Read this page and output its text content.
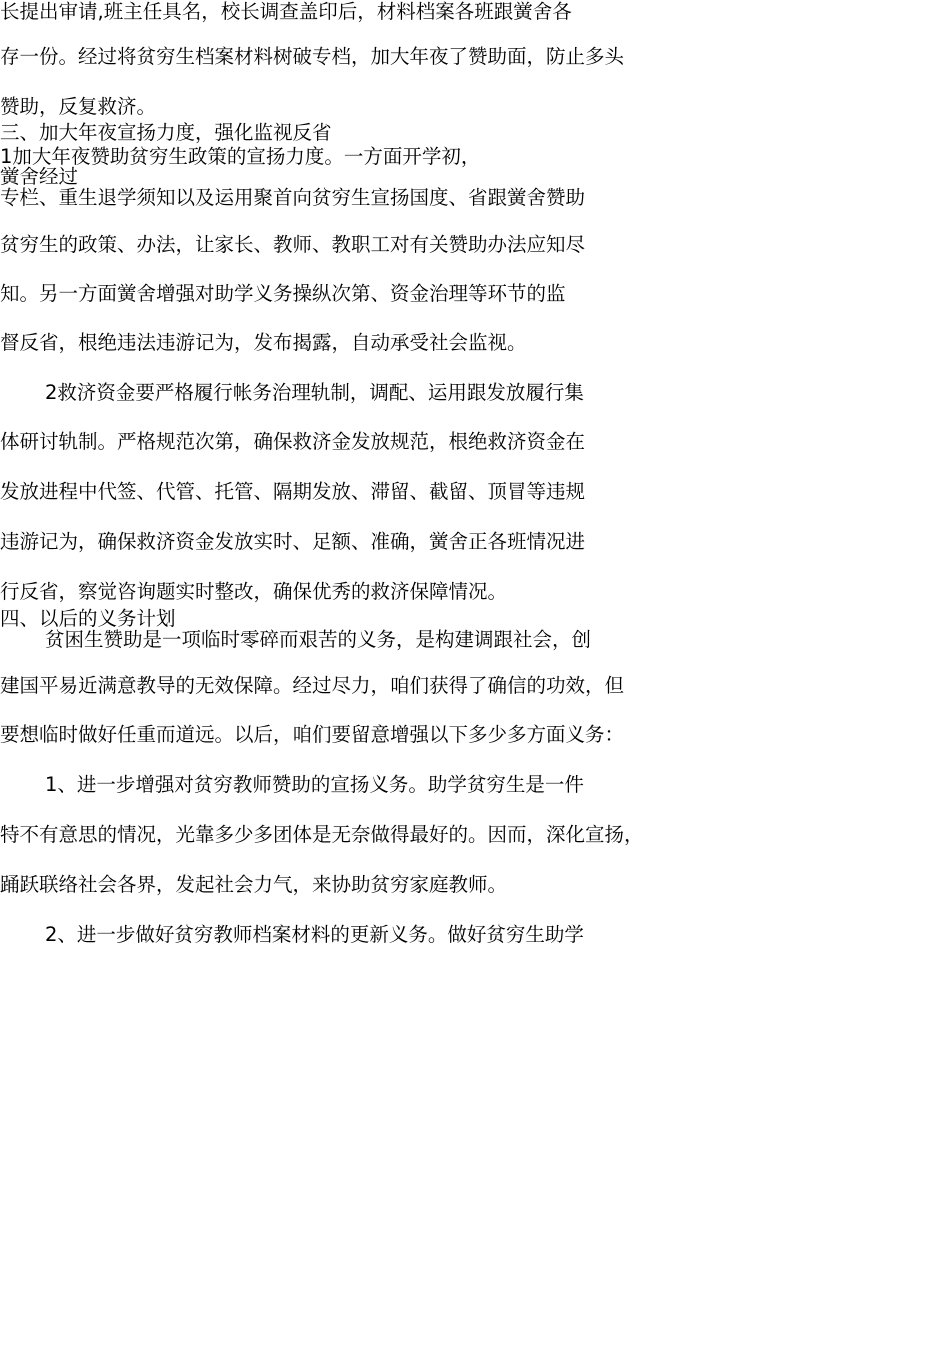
长提出审请,班主任具名，校长调查盖印后，材料档案各班跟黉舍各
存一份。经过将贫穷生档案材料树破专档，加大年夜了赞助面，防止多头
赞助，反复救济。
三、加大年夜宣扬力度，强化监视反省
1加大年夜赞助贫穷生政策的宣扬力度。一方面开学初，
黉舍经过
专栏、重生退学须知以及运用聚首向贫穷生宣扬国度、省跟黉舍赞助
贫穷生的政策、办法，让家长、教师、教职工对有关赞助办法应知尽
知。另一方面黉舍增强对助学义务操纵次第、资金治理等环节的监
督反省，根绝违法违游记为，发布揭露，自动承受社会监视。
2救济资金要严格履行帐务治理轨制，调配、运用跟发放履行集
体研讨轨制。严格规范次第，确保救济金发放规范，根绝救济资金在
发放进程中代签、代管、托管、隔期发放、滞留、截留、顶冒等违规
违游记为，确保救济资金发放实时、足额、准确，黉舍正各班情况进
行反省，察觉咨询题实时整改，确保优秀的救济保障情况。
四、以后的义务计划
贫困生赞助是一项临时零碎而艰苦的义务，是构建调跟社会，创
建国平易近满意教导的无效保障。经过尽力，咱们获得了确信的功效，但
要想临时做好任重而道远。以后，咱们要留意增强以下多少多方面义务：
1、进一步增强对贫穷教师赞助的宣扬义务。助学贫穷生是一件
特不有意思的情况，光靠多少多团体是无奈做得最好的。因而，深化宣扬，
踊跃联络社会各界，发起社会力气，来协助贫穷家庭教师。
2、进一步做好贫穷教师档案材料的更新义务。做好贫穷生助学
